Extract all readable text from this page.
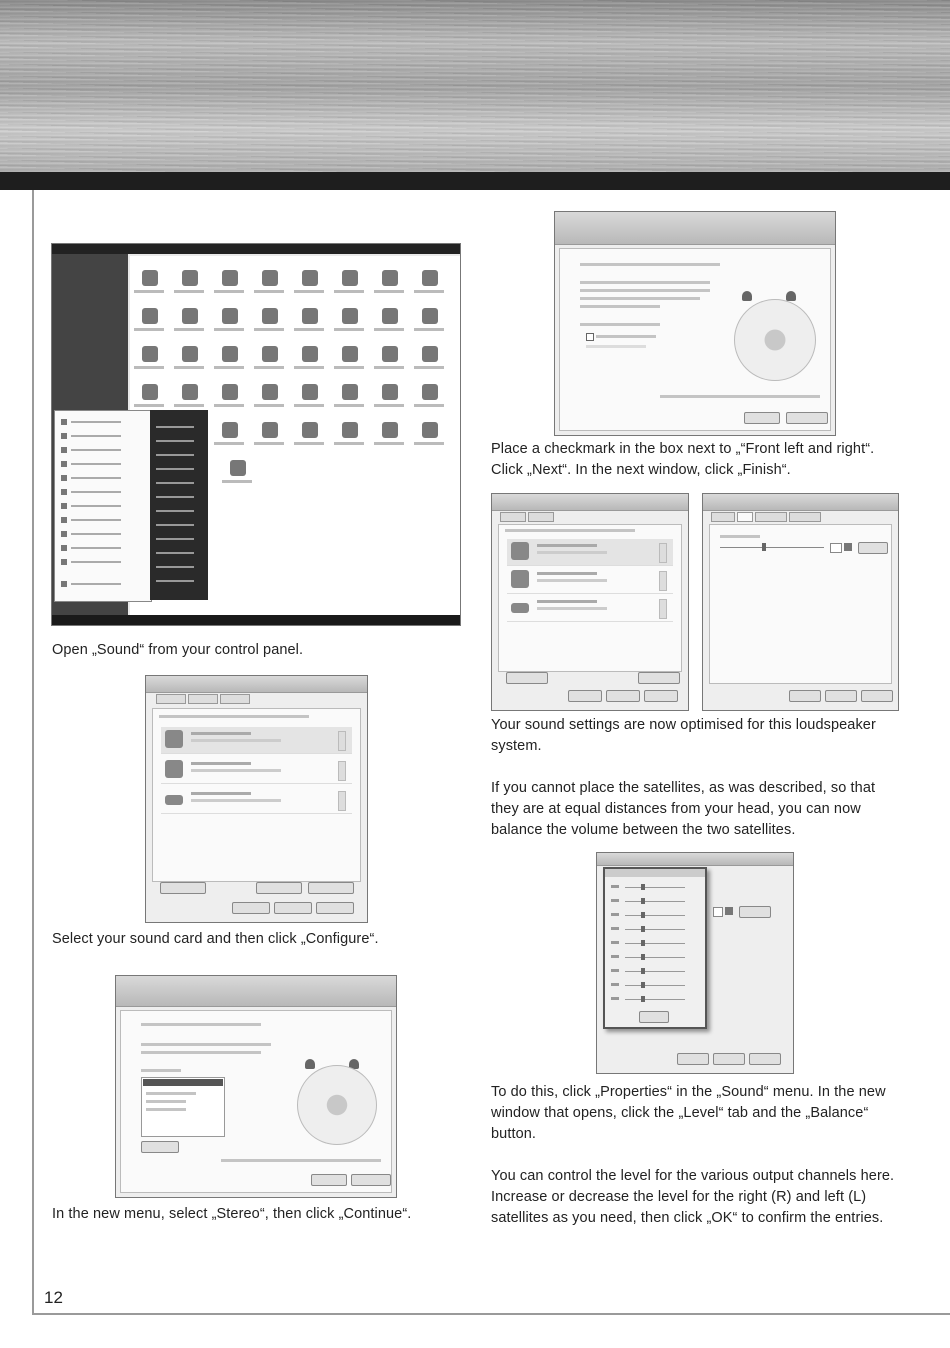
Open „Sound“ from your control panel.
Select your sound card and then click „Configure“.
In the new menu, select „Stereo“, then click „Continue“.
Place a checkmark in the box next to „“Front left and right“. Click „Next“. In the next window, click „Finish“.

Your sound settings are now optimised for this loudspeaker system.

If you cannot place the satellites, as was described, so that they are at equal distances from your head, you can now balance the volume between the two satellites.

To do this, click „Properties“ in the „Sound“ menu. In the new window that opens, click the „Level“ tab and the „Balance“ button.

You can control the level for the various output channels here. Increase or decrease the level for the right (R) and left (L) satellites as you need, then click „OK“ to confirm the entries.

12
